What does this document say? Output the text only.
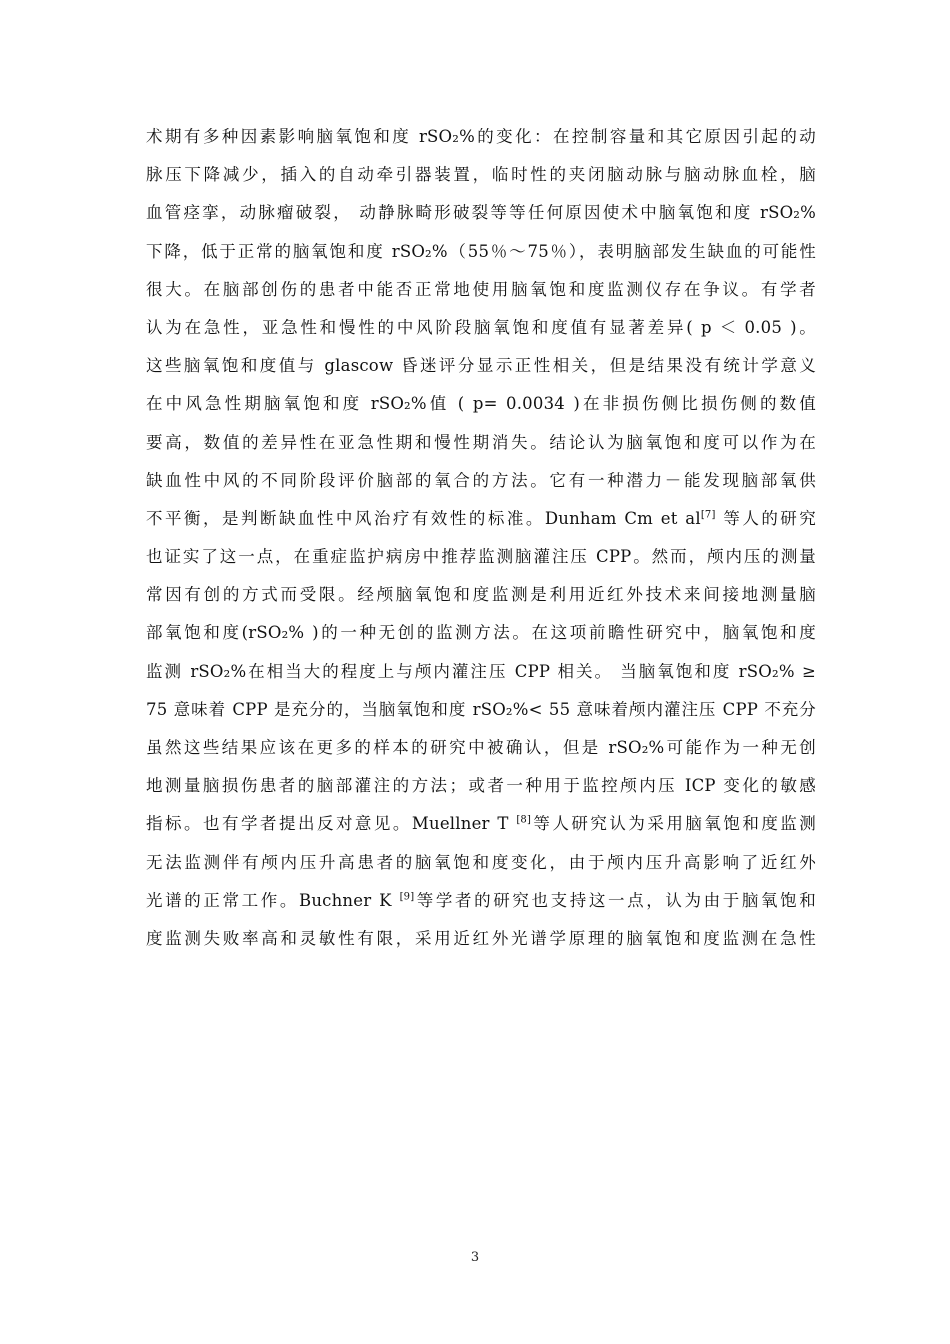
术期有多种因素影响脑氧饱和度 rSO₂%的变化：在控制容量和其它原因引起的动
脉压下降减少，插入的自动牵引器装置，临时性的夹闭脑动脉与脑动脉血栓，脑
血管痉挛，动脉瘤破裂， 动静脉畸形破裂等等任何原因使术中脑氧饱和度 rSO₂%
下降，低于正常的脑氧饱和度 rSO₂%（55％～75％），表明脑部发生缺血的可能性
很大。在脑部创伤的患者中能否正常地使用脑氧饱和度监测仪存在争议。有学者
认为在急性，亚急性和慢性的中风阶段脑氧饱和度值有显著差异( p ＜ 0.05 )。
这些脑氧饱和度值与 glascow 昏迷评分显示正性相关，但是结果没有统计学意义
在中风急性期脑氧饱和度 rSO₂%值 ( p= 0.0034 )在非损伤侧比损伤侧的数值
要高，数值的差异性在亚急性期和慢性期消失。结论认为脑氧饱和度可以作为在
缺血性中风的不同阶段评价脑部的氧合的方法。它有一种潜力－能发现脑部氧供
不平衡，是判断缺血性中风治疗有效性的标准。Dunham Cm et al[7] 等人的研究
也证实了这一点，在重症监护病房中推荐监测脑灌注压 CPP。然而，颅内压的测量
常因有创的方式而受限。经颅脑氧饱和度监测是利用近红外技术来间接地测量脑
部氧饱和度(rSO₂% )的一种无创的监测方法。在这项前瞻性研究中，脑氧饱和度
监测 rSO₂%在相当大的程度上与颅内灌注压 CPP 相关。 当脑氧饱和度 rSO₂% ≥
75 意味着 CPP 是充分的，当脑氧饱和度 rSO₂%< 55 意味着颅内灌注压 CPP 不充分
虽然这些结果应该在更多的样本的研究中被确认，但是 rSO₂%可能作为一种无创
地测量脑损伤患者的脑部灌注的方法；或者一种用于监控颅内压 ICP 变化的敏感
指标。也有学者提出反对意见。Muellner T [8]等人研究认为采用脑氧饱和度监测
无法监测伴有颅内压升高患者的脑氧饱和度变化，由于颅内压升高影响了近红外
光谱的正常工作。Buchner K [9]等学者的研究也支持这一点，认为由于脑氧饱和
度监测失败率高和灵敏性有限，采用近红外光谱学原理的脑氧饱和度监测在急性
3
